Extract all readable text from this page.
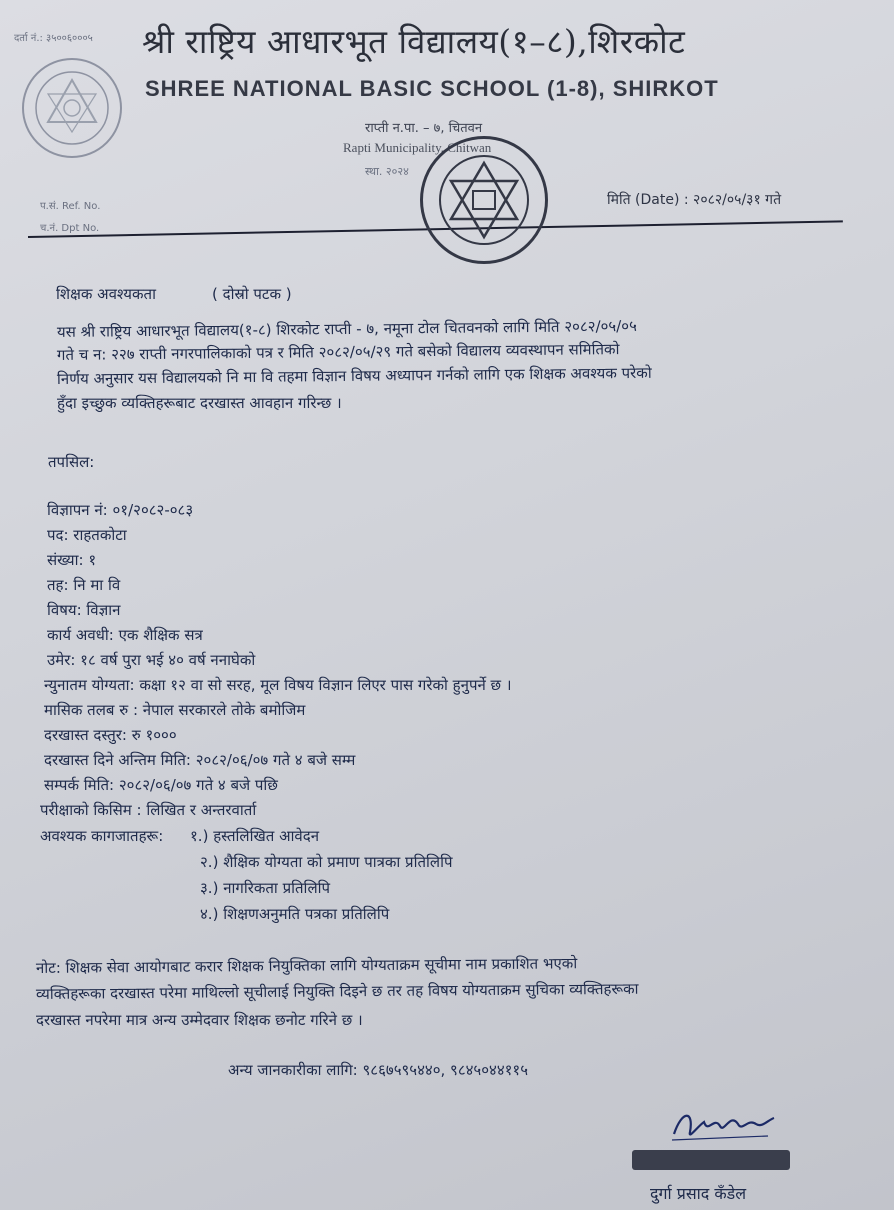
दर्ता नं.: ३५००६०००५ श्री राष्ट्रिय आधारभूत विद्यालय(१–८),शिरकोट
SHREE NATIONAL BASIC SCHOOL (1-8), SHIRKOT
राप्ती न.पा. – ७, चितवन
Rapti Municipality, Chitwan
स्था. २०२४
प.सं. Ref. No.
च.नं. Dpt No.
मिति (Date) : २०८२/०५/३१ गते
शिक्षक अवश्यकता	( दोस्रो पटक )
यस श्री राष्ट्रिय आधारभूत विद्यालय(१-८) शिरकोट राप्ती - ७, नमूना टोल चितवनको लागि मिति २०८२/०५/०५
गते च न: २२७ राप्ती नगरपालिकाको पत्र र मिति २०८२/०५/२९ गते बसेको विद्यालय व्यवस्थापन समितिको
निर्णय अनुसार यस विद्यालयको नि मा वि तहमा विज्ञान विषय अध्यापन गर्नको लागि एक शिक्षक अवश्यक परेको
हुँदा इच्छुक व्यक्तिहरूबाट दरखास्त आवहान गरिन्छ ।
तपसिल:
विज्ञापन नं: ०१/२०८२-०८३
पद: राहतकोटा
संख्या: १
तह: नि मा वि
विषय: विज्ञान
कार्य अवधी: एक शैक्षिक सत्र
उमेर: १८ वर्ष पुरा भई ४० वर्ष ननाघेको
न्युनातम योग्यता: कक्षा १२ वा सो सरह, मूल विषय विज्ञान लिएर पास गरेको हुनुपर्ने छ ।
मासिक तलब रु : नेपाल सरकारले तोके बमोजिम
दरखास्त दस्तुर: रु १०००
दरखास्त दिने अन्तिम मिति: २०८२/०६/०७ गते ४ बजे सम्म
सम्पर्क मिति: २०८२/०६/०७ गते ४ बजे पछि
परीक्षाको किसिम : लिखित र अन्तरवार्ता
अवश्यक कागजातहरू: १.) हस्तलिखित आवेदन
२.) शैक्षिक योग्यता को प्रमाण पात्रका प्रतिलिपि
३.) नागरिकता प्रतिलिपि
४.) शिक्षणअनुमति पत्रका प्रतिलिपि
नोट: शिक्षक सेवा आयोगबाट करार शिक्षक नियुक्तिका लागि योग्यताक्रम सूचीमा नाम प्रकाशित भएको
व्यक्तिहरूका दरखास्त परेमा माथिल्लो सूचीलाई नियुक्ति दिइने छ तर तह विषय योग्यताक्रम सुचिका व्यक्तिहरूका
दरखास्त नपरेमा मात्र अन्य उम्मेदवार शिक्षक छनोट गरिने छ ।
अन्य जानकारीका लागि: ९८६७५९५४४०, ९८४५०४४११५
दुर्गा प्रसाद कँडेल
